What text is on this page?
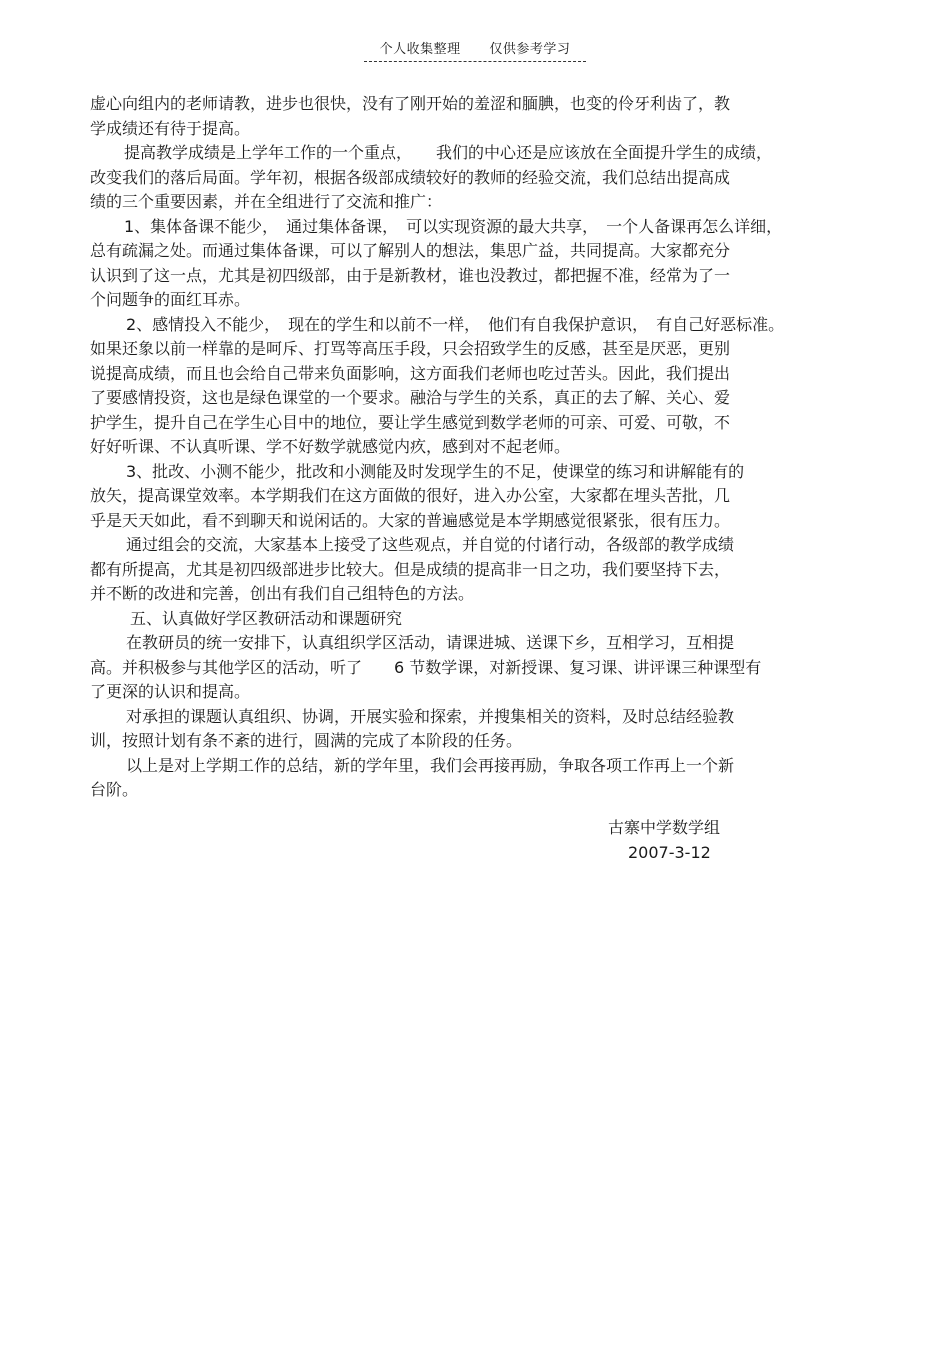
个人收集整理 仅供参考学习
虚心向组内的老师请教，进步也很快，没有了刚开始的羞涩和腼腆，也变的伶牙利齿了，教
学成绩还有待于提高。
提高教学成绩是上学年工作的一个重点，　　我们的中心还是应该放在全面提升学生的成绩，
改变我们的落后局面。学年初，根据各级部成绩较好的教师的经验交流，我们总结出提高成
绩的三个重要因素，并在全组进行了交流和推广：
1、集体备课不能少，　通过集体备课，　可以实现资源的最大共享，　一个人备课再怎么详细，
总有疏漏之处。而通过集体备课，可以了解别人的想法，集思广益，共同提高。大家都充分
认识到了这一点，尤其是初四级部，由于是新教材，谁也没教过，都把握不准，经常为了一
个问题争的面红耳赤。
2、感情投入不能少，　现在的学生和以前不一样，　他们有自我保护意识，　有自己好恶标准。
如果还象以前一样靠的是呵斥、打骂等高压手段，只会招致学生的反感，甚至是厌恶，更别
说提高成绩，而且也会给自己带来负面影响，这方面我们老师也吃过苦头。因此，我们提出
了要感情投资，这也是绿色课堂的一个要求。融洽与学生的关系，真正的去了解、关心、爱
护学生，提升自己在学生心目中的地位，要让学生感觉到数学老师的可亲、可爱、可敬，不
好好听课、不认真听课、学不好数学就感觉内疚，感到对不起老师。
3、批改、小测不能少，批改和小测能及时发现学生的不足，使课堂的练习和讲解能有的
放矢，提高课堂效率。本学期我们在这方面做的很好，进入办公室，大家都在埋头苦批，几
乎是天天如此，看不到聊天和说闲话的。大家的普遍感觉是本学期感觉很紧张，很有压力。
通过组会的交流，大家基本上接受了这些观点，并自觉的付诸行动，各级部的教学成绩
都有所提高，尤其是初四级部进步比较大。但是成绩的提高非一日之功，我们要坚持下去，
并不断的改进和完善，创出有我们自己组特色的方法。
五、认真做好学区教研活动和课题研究
在教研员的统一安排下，认真组织学区活动，请课进城、送课下乡，互相学习，互相提
高。并积极参与其他学区的活动，听了　　6 节数学课，对新授课、复习课、讲评课三种课型有
了更深的认识和提高。
对承担的课题认真组织、协调，开展实验和探索，并搜集相关的资料，及时总结经验教
训，按照计划有条不紊的进行，圆满的完成了本阶段的任务。
以上是对上学期工作的总结，新的学年里，我们会再接再励，争取各项工作再上一个新
台阶。
古寨中学数学组
2007-3-12
